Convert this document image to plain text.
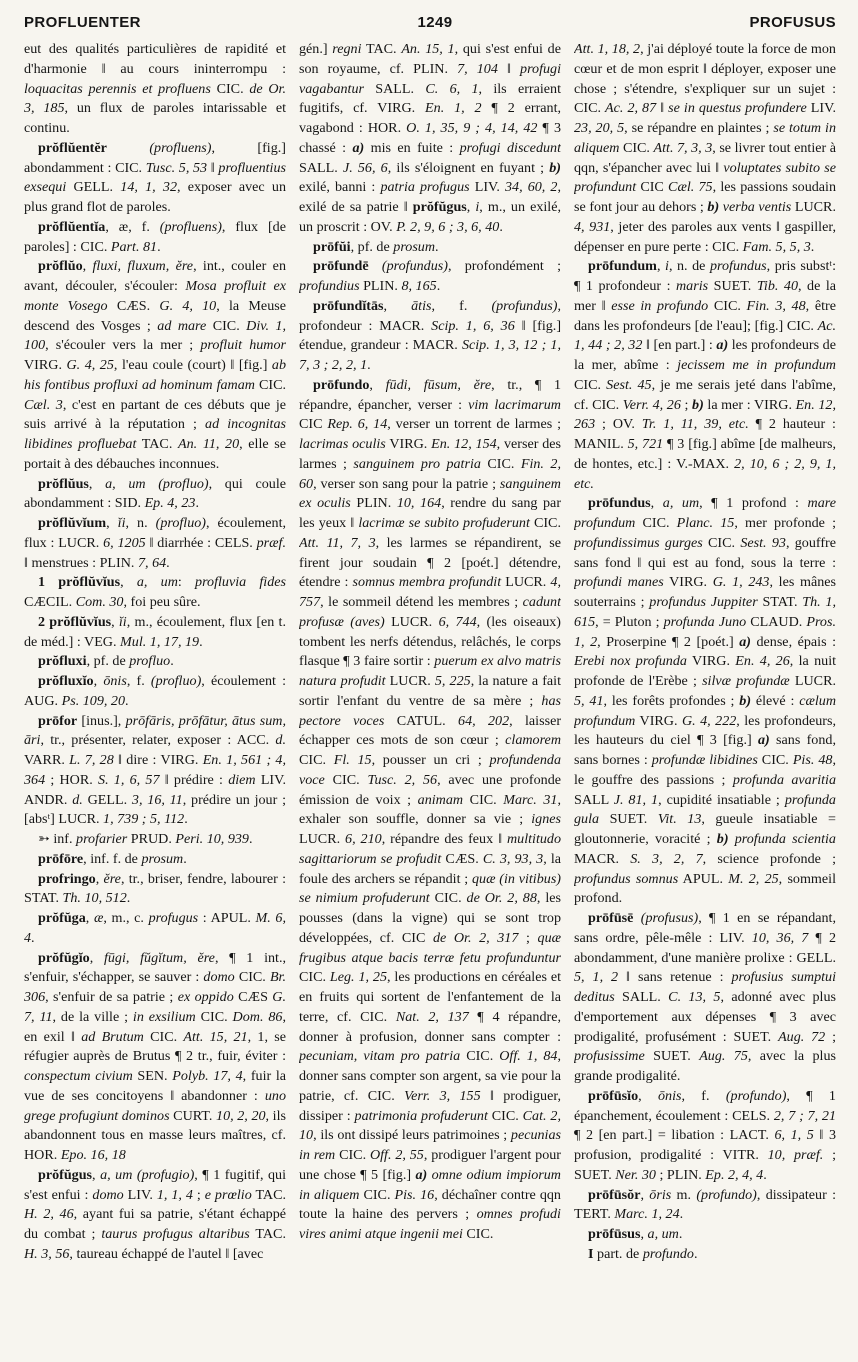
PROFLUENTER	1249	PROFUSUS

eut des qualités particulières de rapidité et d'harmonie ‖ au cours ininterrompu : loquacitas perennis et profluens CIC. de Or. 3, 185, un flux de paroles intarissable et continu.

prŏflŭentĕr	(profluens), [fig.] abondamment : CIC. Tusc. 5, 53 ‖ profluentius exsequi GELL. 14, 1, 32, exposer avec un plus grand flot de paroles.

prŏflŭentĭa, æ, f. (profluens), flux [de paroles] : CIC. Part. 81.

prŏflŭo, fluxi, fluxum, ĕre, int., couler en avant, découler, s'écouler: Mosa profluit ex monte Vosego CÆS. G. 4, 10, la Meuse descend des Vosges ; ad mare CIC. Div. 1, 100, s'écouler vers la mer ; profluit humor VIRG. G. 4, 25, l'eau coule (court) ‖ [fig.] ab his fontibus profluxi ad hominum famam CIC. Cæl. 3, c'est en partant de ces débuts que je suis arrivé à la réputation ; ad incognitas libidines profluebat TAC. An. 11, 20, elle se portait à des débauches inconnues.

prŏflŭus, a, um (profluo), qui coule abondamment : SID. Ep. 4, 23.

prŏflŭvĭum, ĭi, n. (profluo), écoulement, flux : LUCR. 6, 1205 ‖ diarrhée : CELS. præf. ‖ menstrues : PLIN. 7, 64.

1 prŏflŭvĭus, a, um: profluvia fides CÆCIL. Com. 30, foi peu sûre.

2 prŏflŭvĭus, ĭi, m., écoulement, flux [en t. de méd.] : VEG. Mul. 1, 17, 19.

prŏfluxi, pf. de profluo.

prŏfluxĭo, ōnis, f. (profluo), écoulement : AUG. Ps. 109, 20.

prōfor [inus.], prōfāris, prōfātur, ātus sum, āri, tr., présenter, relater, exposer : ACC. d. VARR. L. 7, 28 ‖ dire : VIRG. En. 1, 561 ; 4, 364 ; HOR. S. 1, 6, 57 ‖ prédire : diem LIV. ANDR. d. GELL. 3, 16, 11, prédire un jour ; [absᵗ] LUCR. 1, 739 ; 5, 112.

➳ inf. profarier PRUD. Peri. 10, 939.

prōfōre, inf. f. de prosum.

profringo, ĕre, tr., briser, fendre, labourer : STAT. Th. 10, 512.

prŏfŭga, æ, m., c. profugus : APUL. M. 6, 4.

prŏfŭgĭo, fūgi, fŭgĭtum, ĕre, ¶ 1 int., s'enfuir, s'échapper, se sauver : domo CIC. Br. 306, s'enfuir de sa patrie ; ex oppido CÆS G. 7, 11, de la ville ; in exsilium CIC. Dom. 86, en exil ‖ ad Brutum CIC. Att. 15, 21, 1, se réfugier auprès de Brutus ¶ 2 tr., fuir, éviter : conspectum civium SEN. Polyb. 17, 4, fuir la vue de ses concitoyens ‖ abandonner : uno grege profugiunt dominos CURT. 10, 2, 20, ils abandonnent tous en masse leurs maîtres, cf. HOR. Epo. 16, 18

prŏfŭgus, a, um (profugio), ¶ 1 fugitif, qui s'est enfui : domo LIV. 1, 1, 4 ; e prœlio TAC. H. 2, 46, ayant fui sa patrie, s'étant échappé du combat ; taurus profugus altaribus TAC. H. 3, 56, taureau échappé de l'autel ‖ [avec

gén.] regni TAC. An. 15, 1, qui s'est enfui de son royaume, cf. PLIN. 7, 104 ‖ profugi vagabantur SALL. C. 6, 1, ils erraient fugitifs, cf. VIRG. En. 1, 2 ¶ 2 errant, vagabond : HOR. O. 1, 35, 9 ; 4, 14, 42 ¶ 3 chassé : a) mis en fuite : profugi discedunt SALL. J. 56, 6, ils s'éloignent en fuyant ; b) exilé, banni : patria profugus LIV. 34, 60, 2, exilé de sa patrie ‖ prŏfŭgus, i, m., un exilé, un proscrit : OV. P. 2, 9, 6 ; 3, 6, 40.

prōfŭi, pf. de prosum.

prōfundē (profundus), profondément ; profundius PLIN. 8, 165.

prōfundĭtās, ātis, f. (profundus), profondeur : MACR. Scip. 1, 6, 36 ‖ [fig.] étendue, grandeur : MACR. Scip. 1, 3, 12 ; 1, 7, 3 ; 2, 2, 1.

prōfundo, fūdi, fūsum, ĕre, tr., ¶ 1 répandre, épancher, verser : vim lacrimarum CIC Rep. 6, 14, verser un torrent de larmes ; lacrimas oculis VIRG. En. 12, 154, verser des larmes ; sanguinem pro patria CIC. Fin. 2, 60, verser son sang pour la patrie ; sanguinem ex oculis PLIN. 10, 164, rendre du sang par les yeux ‖ lacrimæ se subito profuderunt CIC. Att. 11, 7, 3, les larmes se répandirent, se firent jour soudain ¶ 2 [poét.] détendre, étendre : somnus membra profundit LUCR. 4, 757, le sommeil détend les membres ; cadunt profusæ (aves) LUCR. 6, 744, (les oiseaux) tombent les nerfs détendus, relâchés, le corps flasque ¶ 3 faire sortir : puerum ex alvo matris natura profudit LUCR. 5, 225, la nature a fait sortir l'enfant du ventre de sa mère ; has pectore voces CATUL. 64, 202, laisser échapper ces mots de son cœur ; clamorem CIC. Fl. 15, pousser un cri ; profundenda voce CIC. Tusc. 2, 56, avec une profonde émission de voix ; animam CIC. Marc. 31, exhaler son souffle, donner sa vie ; ignes LUCR. 6, 210, répandre des feux ‖ multitudo sagittariorum se profudit CÆS. C. 3, 93, 3, la foule des archers se répandit ; quæ (in vitibus) se nimium profuderunt CIC. de Or. 2, 88, les pousses (dans la vigne) qui se sont trop développées, cf. CIC de Or. 2, 317 ; quæ frugibus atque bacis terræ fetu profunduntur CIC. Leg. 1, 25, les productions en céréales et en fruits qui sortent de l'enfantement de la terre, cf. CIC. Nat. 2, 137 ¶ 4 répandre, donner à profusion, donner sans compter : pecuniam, vitam pro patria CIC. Off. 1, 84, donner sans compter son argent, sa vie pour la patrie, cf. CIC. Verr. 3, 155 ‖ prodiguer, dissiper : patrimonia profuderunt CIC. Cat. 2, 10, ils ont dissipé leurs patrimoines ; pecunias in rem CIC. Off. 2, 55, prodiguer l'argent pour une chose ¶ 5 [fig.] a) omne odium impiorum in aliquem CIC. Pis. 16, déchaîner contre qqn toute la haine des pervers ; omnes profudi vires animi atque ingenii mei CIC.

Att. 1, 18, 2, j'ai déployé toute la force de mon cœur et de mon esprit ‖ déployer, exposer une chose ; s'étendre, s'expliquer sur un sujet : CIC. Ac. 2, 87 ‖ se in questus profundere LIV. 23, 20, 5, se répandre en plaintes ; se totum in aliquem CIC. Att. 7, 3, 3, se livrer tout entier à qqn, s'épancher avec lui ‖ voluptates subito se profundunt CIC Cæl. 75, les passions soudain se font jour au dehors ; b) verba ventis LUCR. 4, 931, jeter des paroles aux vents ‖ gaspiller, dépenser en pure perte : CIC. Fam. 5, 5, 3.

prōfundum, i, n. de profundus, pris substᵗ: ¶ 1 profondeur : maris SUET. Tib. 40, de la mer ‖ esse in profundo CIC. Fin. 3, 48, être dans les profondeurs [de l'eau]; [fig.] CIC. Ac. 1, 44 ; 2, 32 ‖ [en part.] : a) les profondeurs de la mer, abîme : jecissem me in profundum CIC. Sest. 45, je me serais jeté dans l'abîme, cf. CIC. Verr. 4, 26 ; b) la mer : VIRG. En. 12, 263 ; OV. Tr. 1, 11, 39, etc. ¶ 2 hauteur : MANIL. 5, 721 ¶ 3 [fig.] abîme [de malheurs, de hontes, etc.] : V.-MAX. 2, 10, 6 ; 2, 9, 1, etc.

prōfundus, a, um, ¶ 1 profond : mare profundum CIC. Planc. 15, mer profonde ; profundissimus gurges CIC. Sest. 93, gouffre sans fond ‖ qui est au fond, sous la terre : profundi manes VIRG. G. 1, 243, les mânes souterrains ; profundus Juppiter STAT. Th. 1, 615, = Pluton ; profunda Juno CLAUD. Pros. 1, 2, Proserpine ¶ 2 [poét.] a) dense, épais : Erebi nox profunda VIRG. En. 4, 26, la nuit profonde de l'Erèbe ; silvæ profundæ LUCR. 5, 41, les forêts profondes ; b) élevé : cælum profundum VIRG. G. 4, 222, les profondeurs, les hauteurs du ciel ¶ 3 [fig.] a) sans fond, sans bornes : profundæ libidines CIC. Pis. 48, le gouffre des passions ; profunda avaritia SALL J. 81, 1, cupidité insatiable ; profunda gula SUET. Vit. 13, gueule insatiable = gloutonnerie, voracité ; b) profunda scientia MACR. S. 3, 2, 7, science profonde ; profundus somnus APUL. M. 2, 25, sommeil profond.

prōfūsē (profusus), ¶ 1 en se répandant, sans ordre, pêle-mêle : LIV. 10, 36, 7 ¶ 2 abondamment, d'une manière prolixe : GELL. 5, 1, 2 ‖ sans retenue : profusius sumptui deditus SALL. C. 13, 5, adonné avec plus d'emportement aux dépenses ¶ 3 avec prodigalité, profusément : SUET. Aug. 72 ; profusissime SUET. Aug. 75, avec la plus grande prodigalité.

prōfūsĭo, ōnis, f. (profundo), ¶ 1 épanchement, écoulement : CELS. 2, 7 ; 7, 21 ¶ 2 [en part.] = libation : LACT. 6, 1, 5 ‖ 3 profusion, prodigalité : VITR. 10, præf. ; SUET. Ner. 30 ; PLIN. Ep. 2, 4, 4.

prōfūsŏr, ōris m. (profundo), dissipateur : TERT. Marc. 1, 24.

prōfūsus, a, um.

I part. de profundo.
